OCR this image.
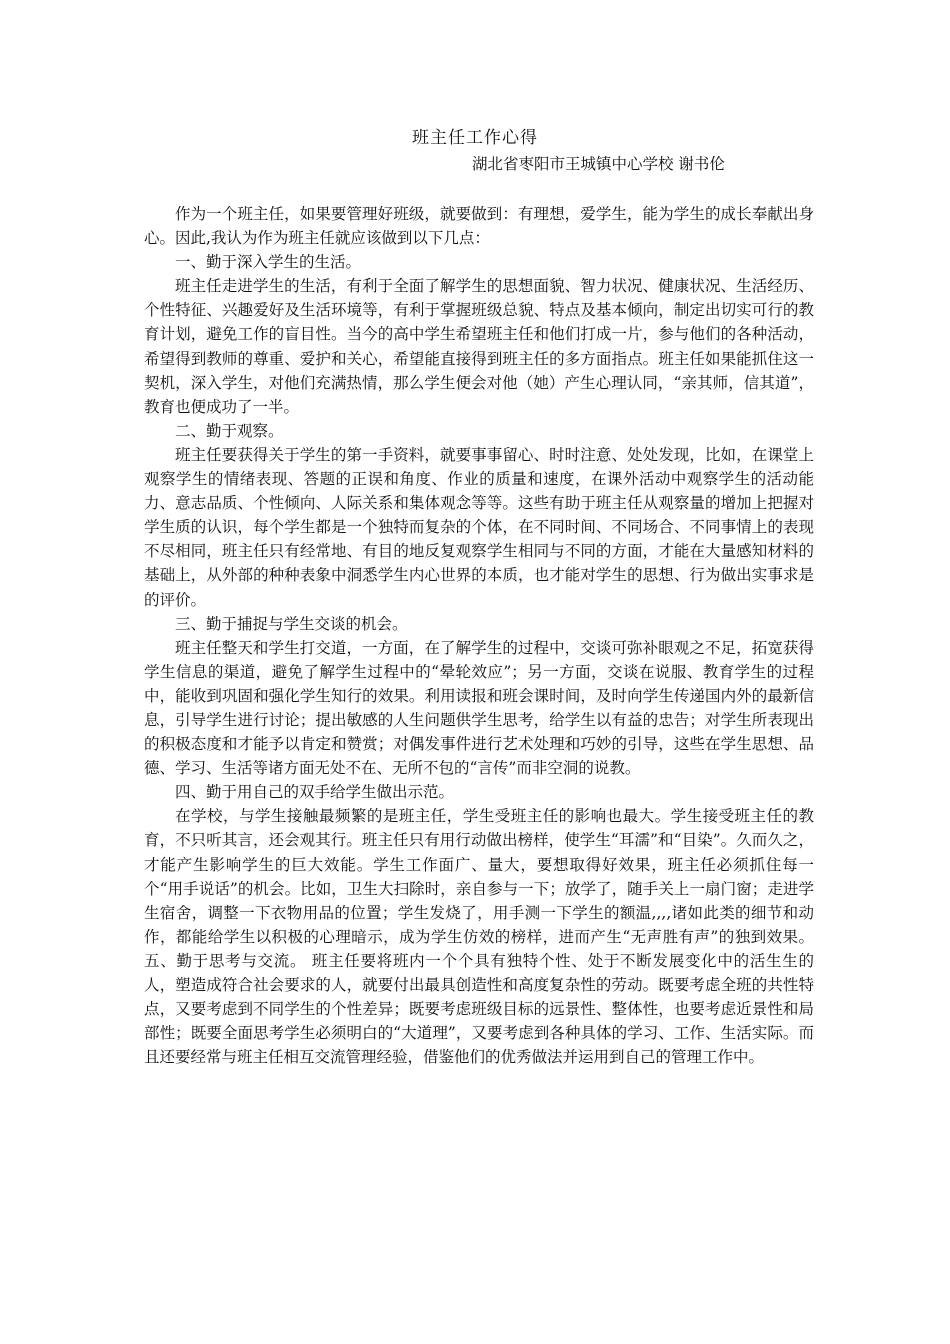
班主任工作心得
湖北省枣阳市王城镇中心学校 谢书伦

作为一个班主任，如果要管理好班级，就要做到：有理想，爱学生，能为学生的成长奉献出身心。因此,我认为作为班主任就应该做到以下几点：

一、勤于深入学生的生活。

班主任走进学生的生活，有利于全面了解学生的思想面貌、智力状况、健康状况、生活经历、个性特征、兴趣爱好及生活环境等，有利于掌握班级总貌、特点及基本倾向，制定出切实可行的教育计划，避免工作的盲目性。当今的高中学生希望班主任和他们打成一片，参与他们的各种活动，希望得到教师的尊重、爱护和关心，希望能直接得到班主任的多方面指点。班主任如果能抓住这一契机，深入学生，对他们充满热情，那么学生便会对他（她）产生心理认同，“亲其师，信其道”，教育也便成功了一半。

二、勤于观察。

班主任要获得关于学生的第一手资料，就要事事留心、时时注意、处处发现，比如，在课堂上观察学生的情绪表现、答题的正误和角度、作业的质量和速度，在课外活动中观察学生的活动能力、意志品质、个性倾向、人际关系和集体观念等等。这些有助于班主任从观察量的增加上把握对学生质的认识，每个学生都是一个独特而复杂的个体，在不同时间、不同场合、不同事情上的表现不尽相同，班主任只有经常地、有目的地反复观察学生相同与不同的方面，才能在大量感知材料的基础上，从外部的种种表象中洞悉学生内心世界的本质，也才能对学生的思想、行为做出实事求是的评价。

三、勤于捕捉与学生交谈的机会。

班主任整天和学生打交道，一方面，在了解学生的过程中，交谈可弥补眼观之不足，拓宽获得学生信息的渠道，避免了解学生过程中的“晕轮效应”；另一方面，交谈在说服、教育学生的过程中，能收到巩固和强化学生知行的效果。利用读报和班会课时间，及时向学生传递国内外的最新信息，引导学生进行讨论；提出敏感的人生问题供学生思考，给学生以有益的忠告；对学生所表现出的积极态度和才能予以肯定和赞赏；对偶发事件进行艺术处理和巧妙的引导，这些在学生思想、品德、学习、生活等诸方面无处不在、无所不包的“言传”而非空洞的说教。

四、勤于用自己的双手给学生做出示范。

在学校，与学生接触最频繁的是班主任，学生受班主任的影响也最大。学生接受班主任的教育，不只听其言，还会观其行。班主任只有用行动做出榜样，使学生“耳濡”和“目染”。久而久之，才能产生影响学生的巨大效能。学生工作面广、量大，要想取得好效果，班主任必须抓住每一个“用手说话”的机会。比如，卫生大扫除时，亲自参与一下；放学了，随手关上一扇门窗；走进学生宿舍，调整一下衣物用品的位置；学生发烧了，用手测一下学生的额温,,,,诸如此类的细节和动作，都能给学生以积极的心理暗示，成为学生仿效的榜样，进而产生“无声胜有声”的独到效果。 五、勤于思考与交流。 班主任要将班内一个个具有独特个性、处于不断发展变化中的活生生的人，塑造成符合社会要求的人，就要付出最具创造性和高度复杂性的劳动。既要考虑全班的共性特点，又要考虑到不同学生的个性差异；既要考虑班级目标的远景性、整体性，也要考虑近景性和局部性；既要全面思考学生必须明白的“大道理”，又要考虑到各种具体的学习、工作、生活实际。而且还要经常与班主任相互交流管理经验，借鉴他们的优秀做法并运用到自己的管理工作中。
